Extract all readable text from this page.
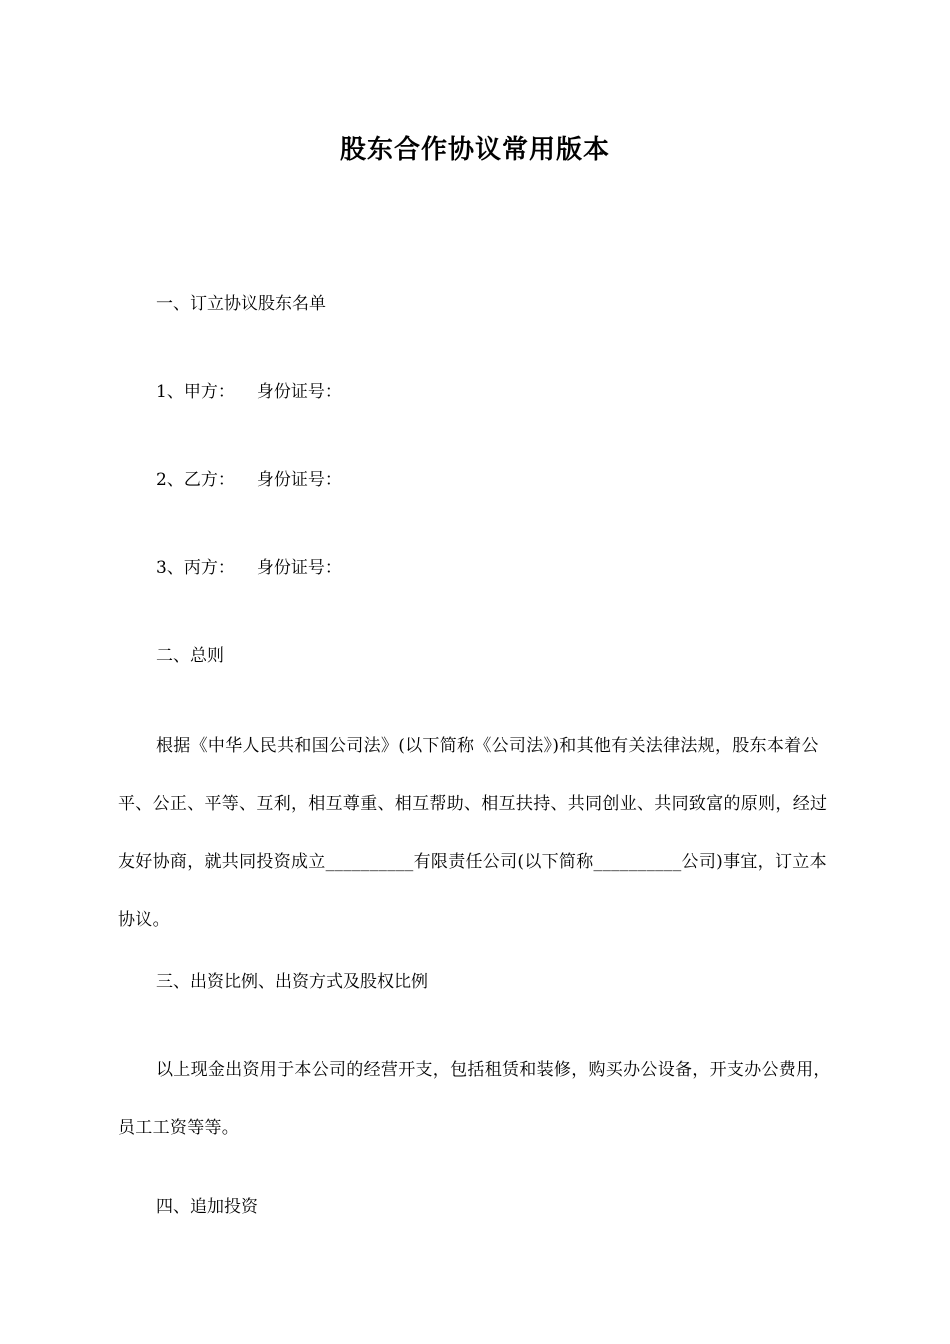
股东合作协议常用版本
一、订立协议股东名单
1、甲方： 身份证号：
2、乙方： 身份证号：
3、丙方： 身份证号：
二、总则
根据《中华人民共和国公司法》(以下简称《公司法》)和其他有关法律法规，股东本着公平、公正、平等、互利，相互尊重、相互帮助、相互扶持、共同创业、共同致富的原则，经过友好协商，就共同投资成立__________有限责任公司(以下简称__________公司)事宜，订立本协议。
三、出资比例、出资方式及股权比例
以上现金出资用于本公司的经营开支，包括租赁和装修，购买办公设备，开支办公费用，员工工资等等。
四、追加投资
